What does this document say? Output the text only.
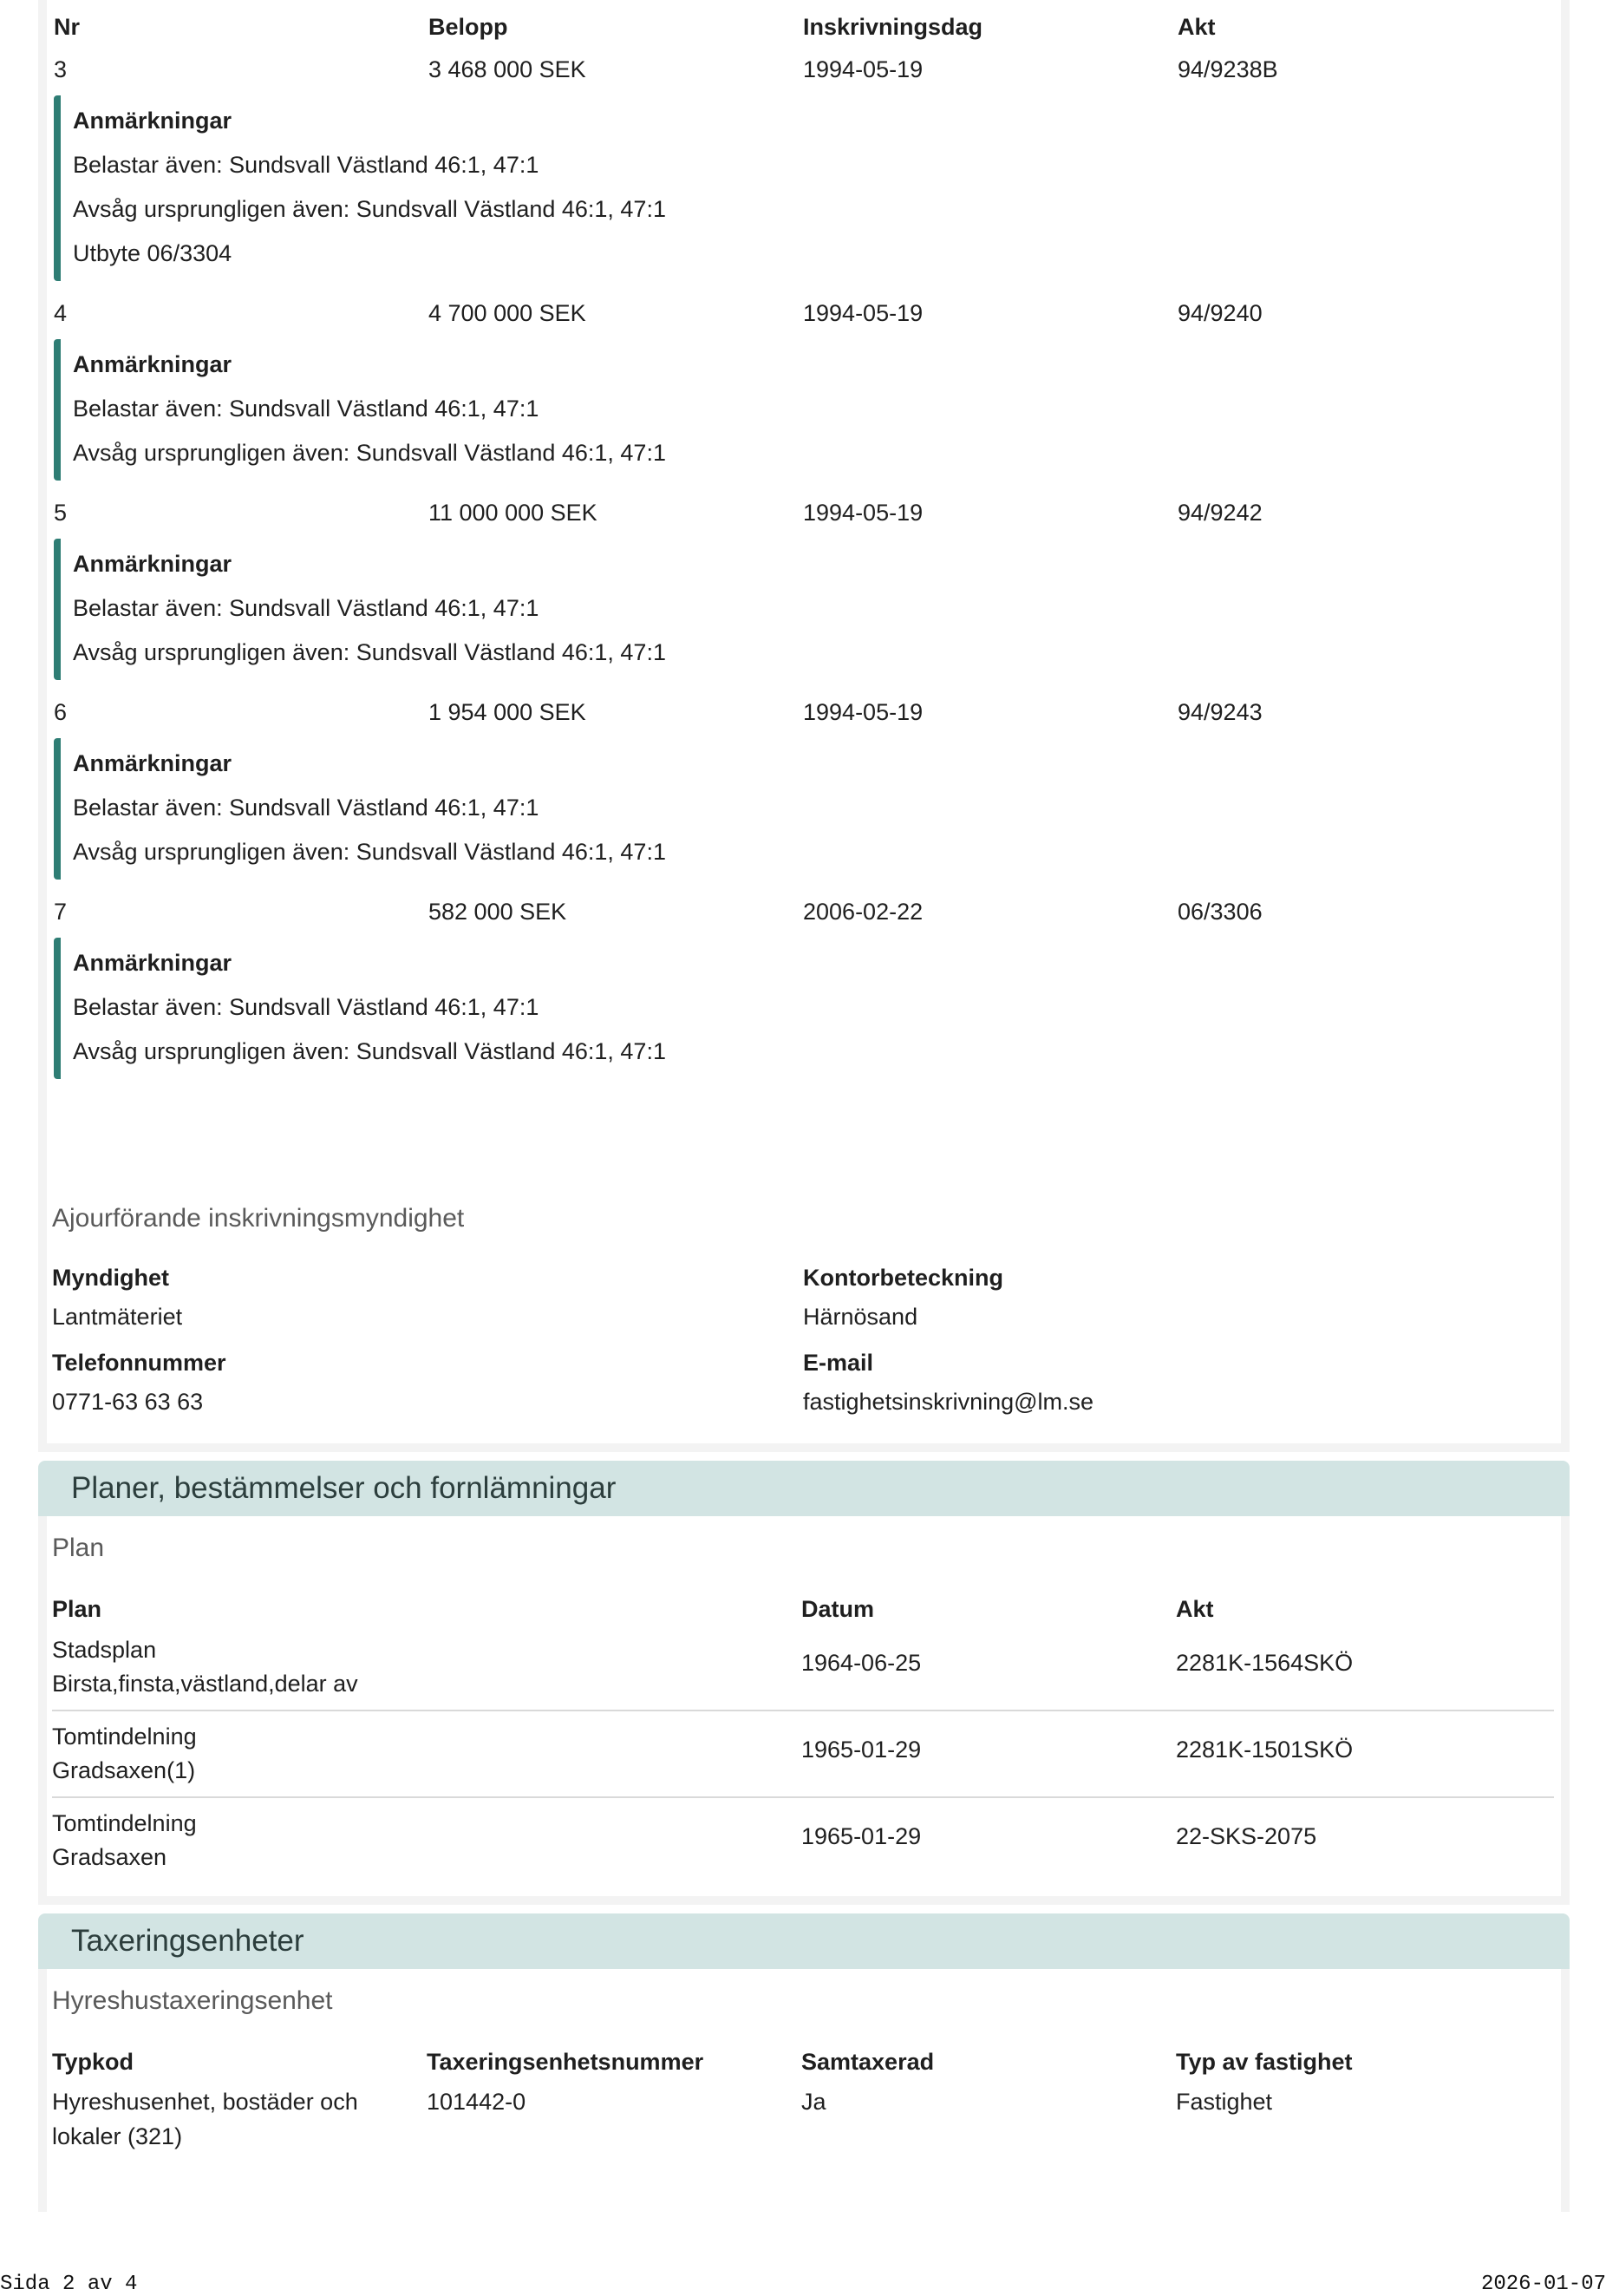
Nr	Belopp	Inskrivningsdag	Akt
3	3 468 000 SEK	1994-05-19	94/9238B
Anmärkningar
Belastar även: Sundsvall Västland 46:1, 47:1
Avsåg ursprungligen även: Sundsvall Västland 46:1, 47:1
Utbyte 06/3304
4	4 700 000 SEK	1994-05-19	94/9240
Anmärkningar
Belastar även: Sundsvall Västland 46:1, 47:1
Avsåg ursprungligen även: Sundsvall Västland 46:1, 47:1
5	11 000 000 SEK	1994-05-19	94/9242
Anmärkningar
Belastar även: Sundsvall Västland 46:1, 47:1
Avsåg ursprungligen även: Sundsvall Västland 46:1, 47:1
6	1 954 000 SEK	1994-05-19	94/9243
Anmärkningar
Belastar även: Sundsvall Västland 46:1, 47:1
Avsåg ursprungligen även: Sundsvall Västland 46:1, 47:1
7	582 000 SEK	2006-02-22	06/3306
Anmärkningar
Belastar även: Sundsvall Västland 46:1, 47:1
Avsåg ursprungligen även: Sundsvall Västland 46:1, 47:1
Ajourförande inskrivningsmyndighet
Myndighet
Lantmäteriet
Kontorbeteckning
Härnösand
Telefonnummer
0771-63 63 63
E-mail
fastighetsinskrivning@lm.se
Planer, bestämmelser och fornlämningar
Plan
Plan	Datum	Akt
Stadsplan
Birsta,finsta,västland,delar av
1964-06-25	2281K-1564SKÖ
Tomtindelning
Gradsaxen(1)
1965-01-29	2281K-1501SKÖ
Tomtindelning
Gradsaxen
1965-01-29	22-SKS-2075
Taxeringsenheter
Hyreshustaxeringsenhet
Typkod	Taxeringsenhetsnummer	Samtaxerad	Typ av fastighet
Hyreshusenhet, bostäder och
lokaler (321)
101442-0	Ja	Fastighet
Sida 2 av 4	2026-01-07
